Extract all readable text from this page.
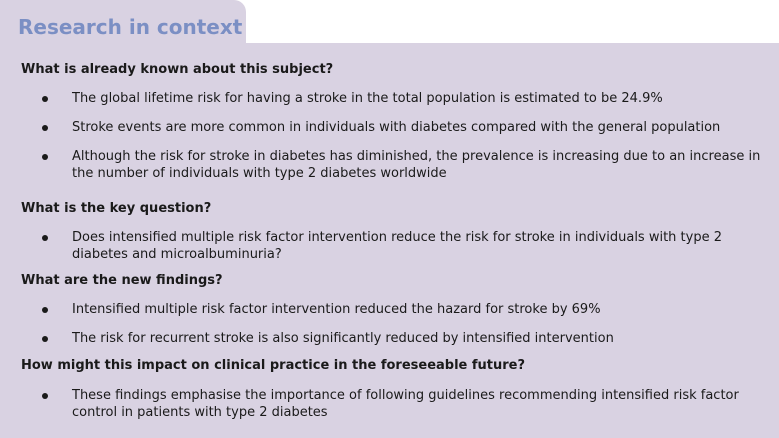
Research in context
What is already known about this subject?
The global lifetime risk for having a stroke in the total population is estimated to be 24.9%
Stroke events are more common in individuals with diabetes compared with the general population
Although the risk for stroke in diabetes has diminished, the prevalence is increasing due to an increase in the number of individuals with type 2 diabetes worldwide
What is the key question?
Does intensified multiple risk factor intervention reduce the risk for stroke in individuals with type 2 diabetes and microalbuminuria?
What are the new findings?
Intensified multiple risk factor intervention reduced the hazard for stroke by 69%
The risk for recurrent stroke is also significantly reduced by intensified intervention
How might this impact on clinical practice in the foreseeable future?
These findings emphasise the importance of following guidelines recommending intensified risk factor control in patients with type 2 diabetes
